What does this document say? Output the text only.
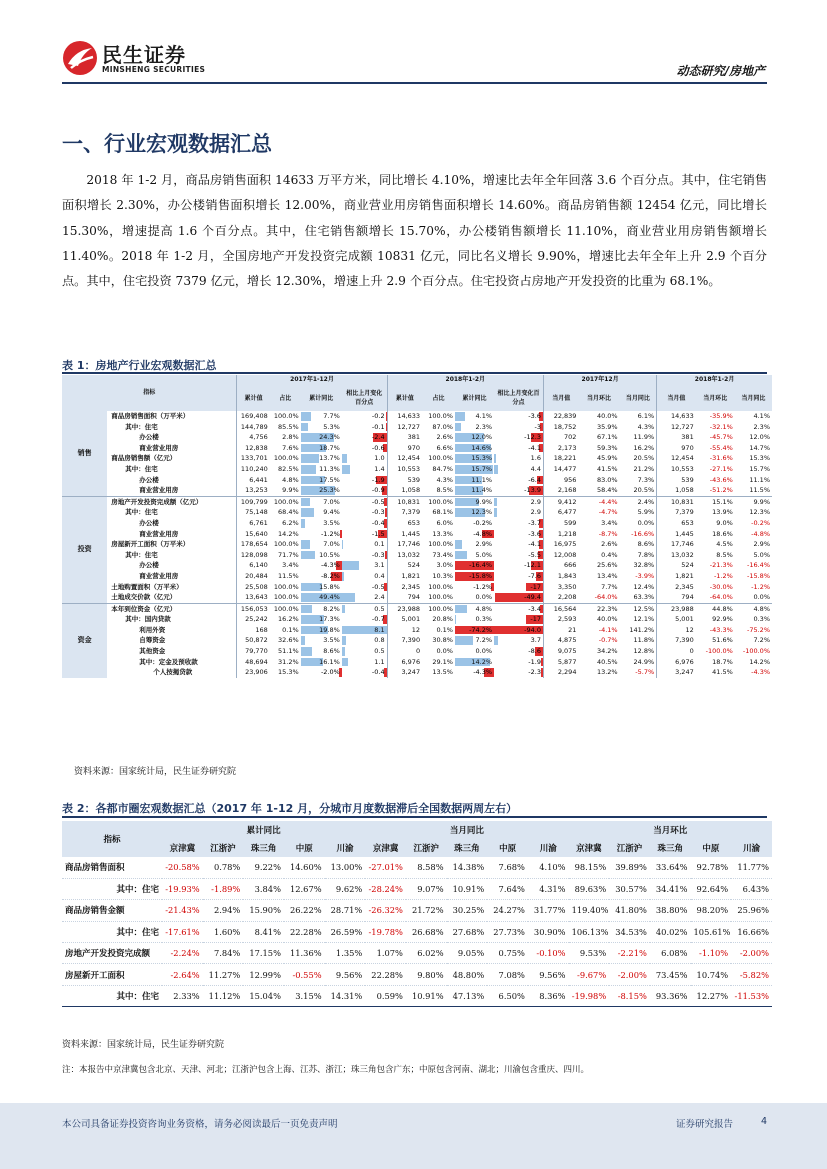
民生证券
MINSHENG SECURITIES	动态研究/房地产
一、行业宏观数据汇总

2018 年 1-2 月，商品房销售面积 14633 万平方米，同比增长 4.10%，增速比去年全年回落 3.6 个百分点。其中，住宅销售面积增长 2.30%，办公楼销售面积增长 12.00%，商业营业用房销售面积增长 14.60%。商品房销售额 12454 亿元，同比增长 15.30%，增速提高 1.6 个百分点。其中，住宅销售额增长 15.70%，办公楼销售额增长 11.10%，商业营业用房销售额增长 11.40%。2018 年 1-2 月，全国房地产开发投资完成额 10831 亿元，同比名义增长 9.90%，增速比去年全年上升 2.9 个百分点。其中，住宅投资 7379 亿元，增长 12.30%，增速上升 2.9 个百分点。住宅投资占房地产开发投资的比重为 68.1%。

表 1：房地产行业宏观数据汇总
指标		2017年1-12月				2018年1-2月				2017年12月			2018年1-2月		
		累计值	占比	累计同比	相比上月变化百分点	累计值	占比	累计同比	相比上月变化百分点	当月值	当月环比	当月同比	当月值	当月环比	当月同比
销售	商品房销售面积（万平米）	169,408	100.0%	7.7%	-0.2	14,633	100.0%	4.1%	-3.6	22,839	40.0%	6.1%	14,633	-35.9%	4.1%
	其中：住宅	144,789	85.5%	5.3%	-0.1	12,727	87.0%	2.3%	-3	18,752	35.9%	4.3%	12,727	-32.1%	2.3%
	办公楼	4,756	2.8%	24.3%	-2.4	381	2.6%	12.0%	-12.3	702	67.1%	11.9%	381	-45.7%	12.0%
	商业营业用房	12,838	7.6%	18.7%	-0.6	970	6.6%	14.6%	-4.1	2,173	59.3%	16.2%	970	-55.4%	14.7%
	商品房销售额（亿元）	133,701	100.0%	13.7%	1.0	12,454	100.0%	15.3%	1.6	18,221	45.9%	20.5%	12,454	-31.6%	15.3%
	其中：住宅	110,240	82.5%	11.3%	1.4	10,553	84.7%	15.7%	4.4	14,477	41.5%	21.2%	10,553	-27.1%	15.7%
	办公楼	6,441	4.8%	17.5%	-1.9	539	4.3%	11.1%	-6.4	956	83.0%	7.3%	539	-43.6%	11.1%
	商业营业用房	13,253	9.9%	25.3%	-0.9	1,058	8.5%	11.4%	-13.9	2,168	58.4%	20.5%	1,058	-51.2%	11.5%
投资	房地产开发投资完成额（亿元）	109,799	100.0%	7.0%	-0.5	10,831	100.0%	9.9%	2.9	9,412	-4.4%	2.4%	10,831	15.1%	9.9%
	其中：住宅	75,148	68.4%	9.4%	-0.3	7,379	68.1%	12.3%	2.9	6,477	-4.7%	5.9%	7,379	13.9%	12.3%
	办公楼	6,761	6.2%	3.5%	-0.4	653	6.0%	-0.2%	-3.7	599	3.4%	0.0%	653	9.0%	-0.2%
	商业营业用房	15,640	14.2%	-1.2%	-1.5	1,445	13.3%	-4.8%	-3.6	1,218	-8.7%	-16.6%	1,445	18.6%	-4.8%
	房屋新开工面积（万平米）	178,654	100.0%	7.0%	0.1	17,746	100.0%	2.9%	-4.1	16,975	2.6%	8.6%	17,746	4.5%	2.9%
	其中：住宅	128,098	71.7%	10.5%	-0.3	13,032	73.4%	5.0%	-5.5	12,008	0.4%	7.8%	13,032	8.5%	5.0%
	办公楼	6,140	3.4%	-4.3%	3.1	524	3.0%	-16.4%	-12.1	666	25.6%	32.8%	524	-21.3%	-16.4%
	商业营业用房	20,484	11.5%	-8.2%	0.4	1,821	10.3%	-15.8%	-7.6	1,843	13.4%	-3.9%	1,821	-1.2%	-15.8%
	土地购置面积（万平米）	25,508	100.0%	15.8%	-0.5	2,345	100.0%	-1.2%	-17	3,350	7.7%	12.4%	2,345	-30.0%	-1.2%
	土地成交价款（亿元）	13,643	100.0%	49.4%	2.4	794	100.0%	0.0%	-49.4	2,208	-64.0%	63.3%	794	-64.0%	0.0%
资金	本年到位资金（亿元）	156,053	100.0%	8.2%	0.5	23,988	100.0%	4.8%	-3.4	16,564	22.3%	12.5%	23,988	44.8%	4.8%
	其中：国内贷款	25,242	16.2%	17.3%	-0.7	5,001	20.8%	0.3%	-17	2,593	40.0%	12.1%	5,001	92.9%	0.3%
	利用外资	168	0.1%	19.8%	8.1	12	0.1%	-74.2%	-94.0	21	-4.1%	141.2%	12	-43.3%	-75.2%
	自筹资金	50,872	32.6%	3.5%	0.8	7,390	30.8%	7.2%	3.7	4,875	-0.7%	11.8%	7,390	51.6%	7.2%
	其他资金	79,770	51.1%	8.6%	0.5	0	0.0%	0.0%	-8.6	9,075	34.2%	12.8%	0	-100.0%	-100.0%
	其中：定金及预收款	48,694	31.2%	16.1%	1.1	6,976	29.1%	14.2%	-1.9	5,877	40.5%	24.9%	6,976	18.7%	14.2%
	个人按揭贷款	23,906	15.3%	-2.0%	-0.4	3,247	13.5%	-4.3%	-2.3	2,294	13.2%	-5.7%	3,247	41.5%	-4.3%
资料来源：国家统计局，民生证券研究院
表 2：各都市圈宏观数据汇总（2017 年 1-12 月，分城市月度数据滞后全国数据两周左右）
指标	累计同比					当月同比					当月环比				
	京津冀	江浙沪	珠三角	中原	川渝	京津冀	江浙沪	珠三角	中原	川渝	京津冀	江浙沪	珠三角	中原	川渝
商品房销售面积	-20.58%	0.78%	9.22%	14.60%	13.00%	-27.01%	8.58%	14.38%	7.68%	4.10%	98.15%	39.89%	33.64%	92.78%	11.77%
其中：住宅	-19.93%	-1.89%	3.84%	12.67%	9.62%	-28.24%	9.07%	10.91%	7.64%	4.31%	89.63%	30.57%	34.41%	92.64%	6.43%
商品房销售金额	-21.43%	2.94%	15.90%	26.22%	28.71%	-26.32%	21.72%	30.25%	24.27%	31.77%	119.40%	41.80%	38.80%	98.20%	25.96%
其中：住宅	-17.61%	1.60%	8.41%	22.28%	26.59%	-19.78%	26.68%	27.68%	27.73%	30.90%	106.13%	34.53%	40.02%	105.61%	16.66%
房地产开发投资完成额	-2.24%	7.84%	17.15%	11.36%	1.35%	1.07%	6.02%	9.05%	0.75%	-0.10%	9.53%	-2.21%	6.08%	-1.10%	-2.00%
房屋新开工面积	-2.64%	11.27%	12.99%	-0.55%	9.56%	22.28%	9.80%	48.80%	7.08%	9.56%	-9.67%	-2.00%	73.45%	10.74%	-5.82%
其中：住宅	2.33%	11.12%	15.04%	3.15%	14.31%	0.59%	10.91%	47.13%	6.50%	8.36%	-19.98%	-8.15%	93.36%	12.27%	-11.53%
资料来源：国家统计局，民生证券研究院
注：本报告中京津冀包含北京、天津、河北；江浙沪包含上海、江苏、浙江；珠三角包含广东；中原包含河南、湖北；川渝包含重庆、四川。
本公司具备证券投资咨询业务资格，请务必阅读最后一页免责声明	证券研究报告	4
